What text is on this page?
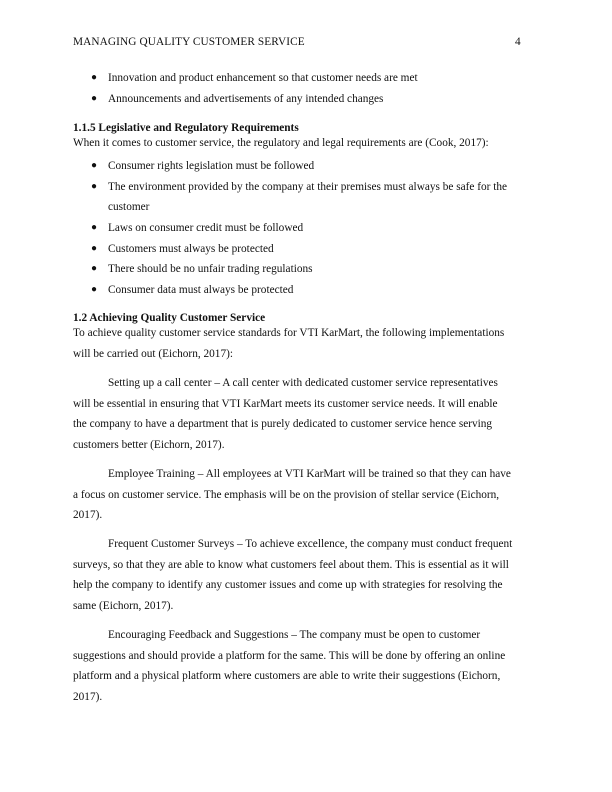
MANAGING QUALITY CUSTOMER SERVICE	4
● Innovation and product enhancement so that customer needs are met
● Announcements and advertisements of any intended changes
1.1.5 Legislative and Regulatory Requirements
When it comes to customer service, the regulatory and legal requirements are (Cook, 2017):
● Consumer rights legislation must be followed
● The environment provided by the company at their premises must always be safe for the
customer
● Laws on consumer credit must be followed
● Customers must always be protected
● There should be no unfair trading regulations
● Consumer data must always be protected
1.2 Achieving Quality Customer Service
To achieve quality customer service standards for VTI KarMart, the following implementations
will be carried out (Eichorn, 2017):
Setting up a call center – A call center with dedicated customer service representatives
will be essential in ensuring that VTI KarMart meets its customer service needs. It will enable
the company to have a department that is purely dedicated to customer service hence serving
customers better (Eichorn, 2017).
Employee Training – All employees at VTI KarMart will be trained so that they can have
a focus on customer service. The emphasis will be on the provision of stellar service (Eichorn,
2017).
Frequent Customer Surveys – To achieve excellence, the company must conduct frequent
surveys, so that they are able to know what customers feel about them. This is essential as it will
help the company to identify any customer issues and come up with strategies for resolving the
same (Eichorn, 2017).
Encouraging Feedback and Suggestions – The company must be open to customer
suggestions and should provide a platform for the same. This will be done by offering an online
platform and a physical platform where customers are able to write their suggestions (Eichorn,
2017).
